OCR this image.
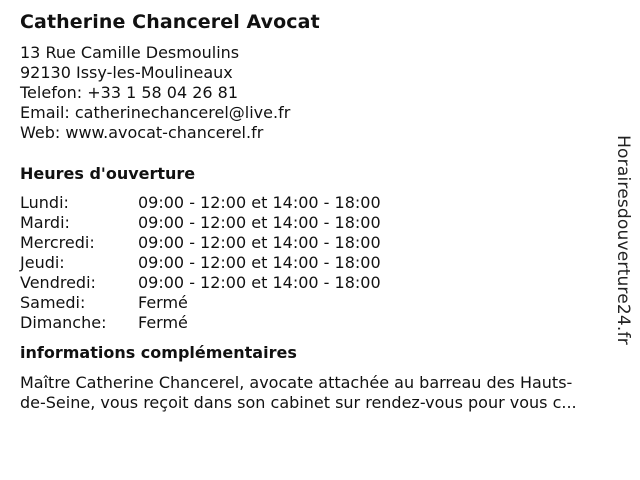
Catherine Chancerel Avocat
13 Rue Camille Desmoulins
92130 Issy-les-Moulineaux
Telefon: +33 1 58 04 26 81
Email: catherinechancerel@live.fr
Web: www.avocat-chancerel.fr
Heures d'ouverture
Lundi:	09:00 - 12:00 et 14:00 - 18:00
Mardi:	09:00 - 12:00 et 14:00 - 18:00
Mercredi:	09:00 - 12:00 et 14:00 - 18:00
Jeudi:	09:00 - 12:00 et 14:00 - 18:00
Vendredi:	09:00 - 12:00 et 14:00 - 18:00
Samedi:	Fermé
Dimanche:	Fermé
informations complémentaires
Maître Catherine Chancerel, avocate attachée au barreau des Hauts-
de-Seine, vous reçoit dans son cabinet sur rendez-vous pour vous c...
Horairesdouverture24.fr
